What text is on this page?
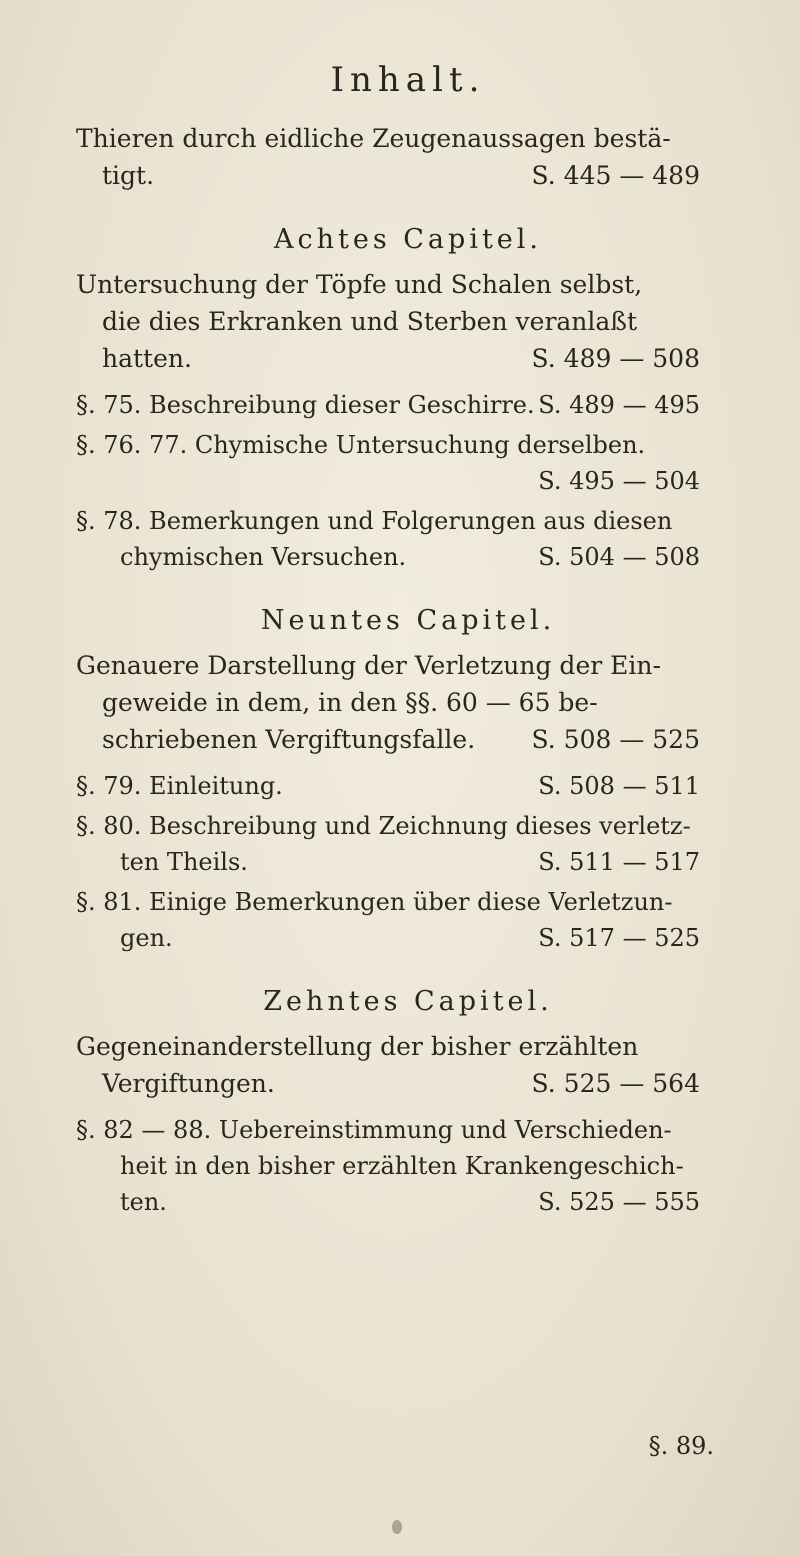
Inhalt.
Thieren durch eidliche Zeugenaussagen bestä-
tigt.	S. 445 — 489
Achtes Capitel.
Untersuchung der Töpfe und Schalen selbst,
die dies Erkranken und Sterben veranlaßt
hatten.	S. 489 — 508
§. 75. Beschreibung dieser Geschirre. S. 489 — 495
§. 76. 77. Chymische Untersuchung derselben.
S. 495 — 504
§. 78. Bemerkungen und Folgerungen aus diesen
chymischen Versuchen.	S. 504 — 508
Neuntes Capitel.
Genauere Darstellung der Verletzung der Ein-
geweide in dem, in den §§. 60 — 65 be-
schriebenen Vergiftungsfalle. S. 508 — 525
§. 79. Einleitung.	S. 508 — 511
§. 80. Beschreibung und Zeichnung dieses verletz-
ten Theils.	S. 511 — 517
§. 81. Einige Bemerkungen über diese Verletzun-
gen.	S. 517 — 525
Zehntes Capitel.
Gegeneinanderstellung der bisher erzählten
Vergiftungen.	S. 525 — 564
§. 82 — 88. Uebereinstimmung und Verschieden-
heit in den bisher erzählten Krankengeschich-
ten.	S. 525 — 555
§. 89.
